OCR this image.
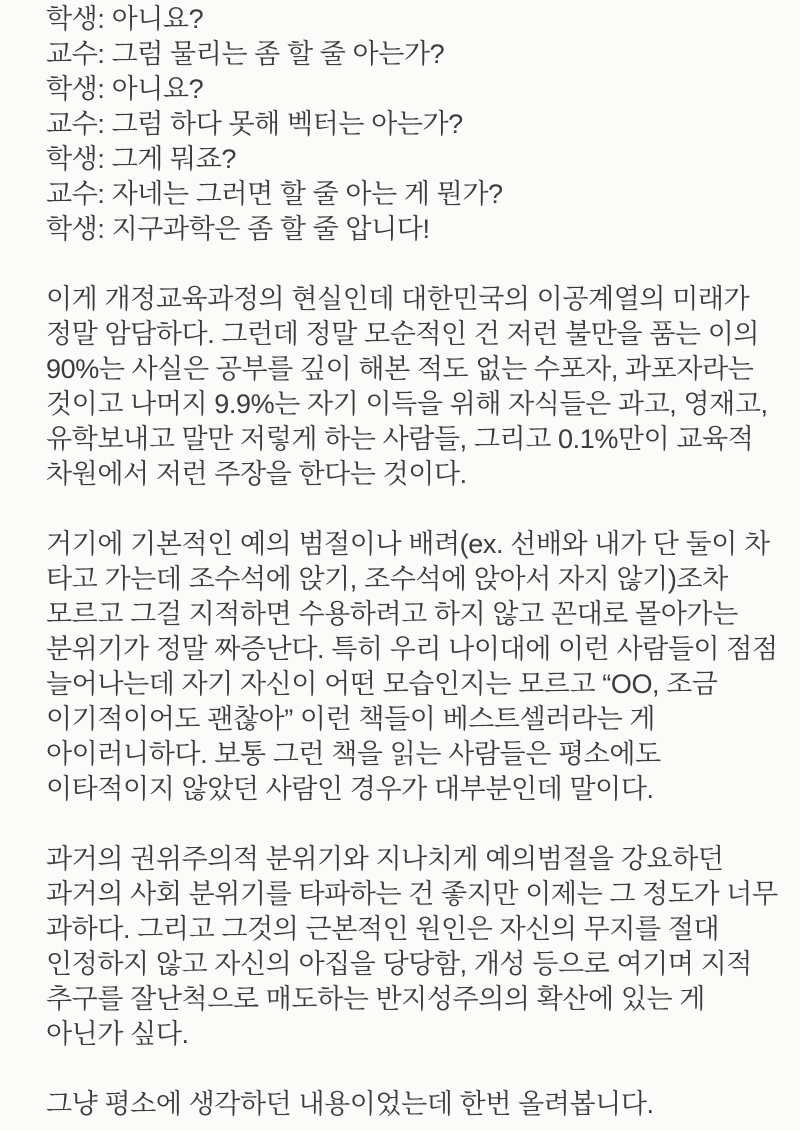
학생: 아니요?
교수: 그럼 물리는 좀 할 줄 아는가?
학생: 아니요?
교수: 그럼 하다 못해 벡터는 아는가?
학생: 그게 뭐죠?
교수: 자네는 그러면 할 줄 아는 게 뭔가?
학생: 지구과학은 좀 할 줄 압니다!
이게 개정교육과정의 현실인데 대한민국의 이공계열의 미래가
정말 암담하다. 그런데 정말 모순적인 건 저런 불만을 품는 이의
90%는 사실은 공부를 깊이 해본 적도 없는 수포자, 과포자라는
것이고 나머지 9.9%는 자기 이득을 위해 자식들은 과고, 영재고,
유학보내고 말만 저렇게 하는 사람들, 그리고 0.1%만이 교육적
차원에서 저런 주장을 한다는 것이다.
거기에 기본적인 예의 범절이나 배려(ex. 선배와 내가 단 둘이 차
타고 가는데 조수석에 앉기, 조수석에 앉아서 자지 않기)조차
모르고 그걸 지적하면 수용하려고 하지 않고 꼰대로 몰아가는
분위기가 정말 짜증난다. 특히 우리 나이대에 이런 사람들이 점점
늘어나는데 자기 자신이 어떤 모습인지는 모르고 “OO, 조금
이기적이어도 괜찮아” 이런 책들이 베스트셀러라는 게
아이러니하다. 보통 그런 책을 읽는 사람들은 평소에도
이타적이지 않았던 사람인 경우가 대부분인데 말이다.
과거의 권위주의적 분위기와 지나치게 예의범절을 강요하던
과거의 사회 분위기를 타파하는 건 좋지만 이제는 그 정도가 너무
과하다. 그리고 그것의 근본적인 원인은 자신의 무지를 절대
인정하지 않고 자신의 아집을 당당함, 개성 등으로 여기며 지적
추구를 잘난척으로 매도하는 반지성주의의 확산에 있는 게
아닌가 싶다.
그냥 평소에 생각하던 내용이었는데 한번 올려봅니다.
